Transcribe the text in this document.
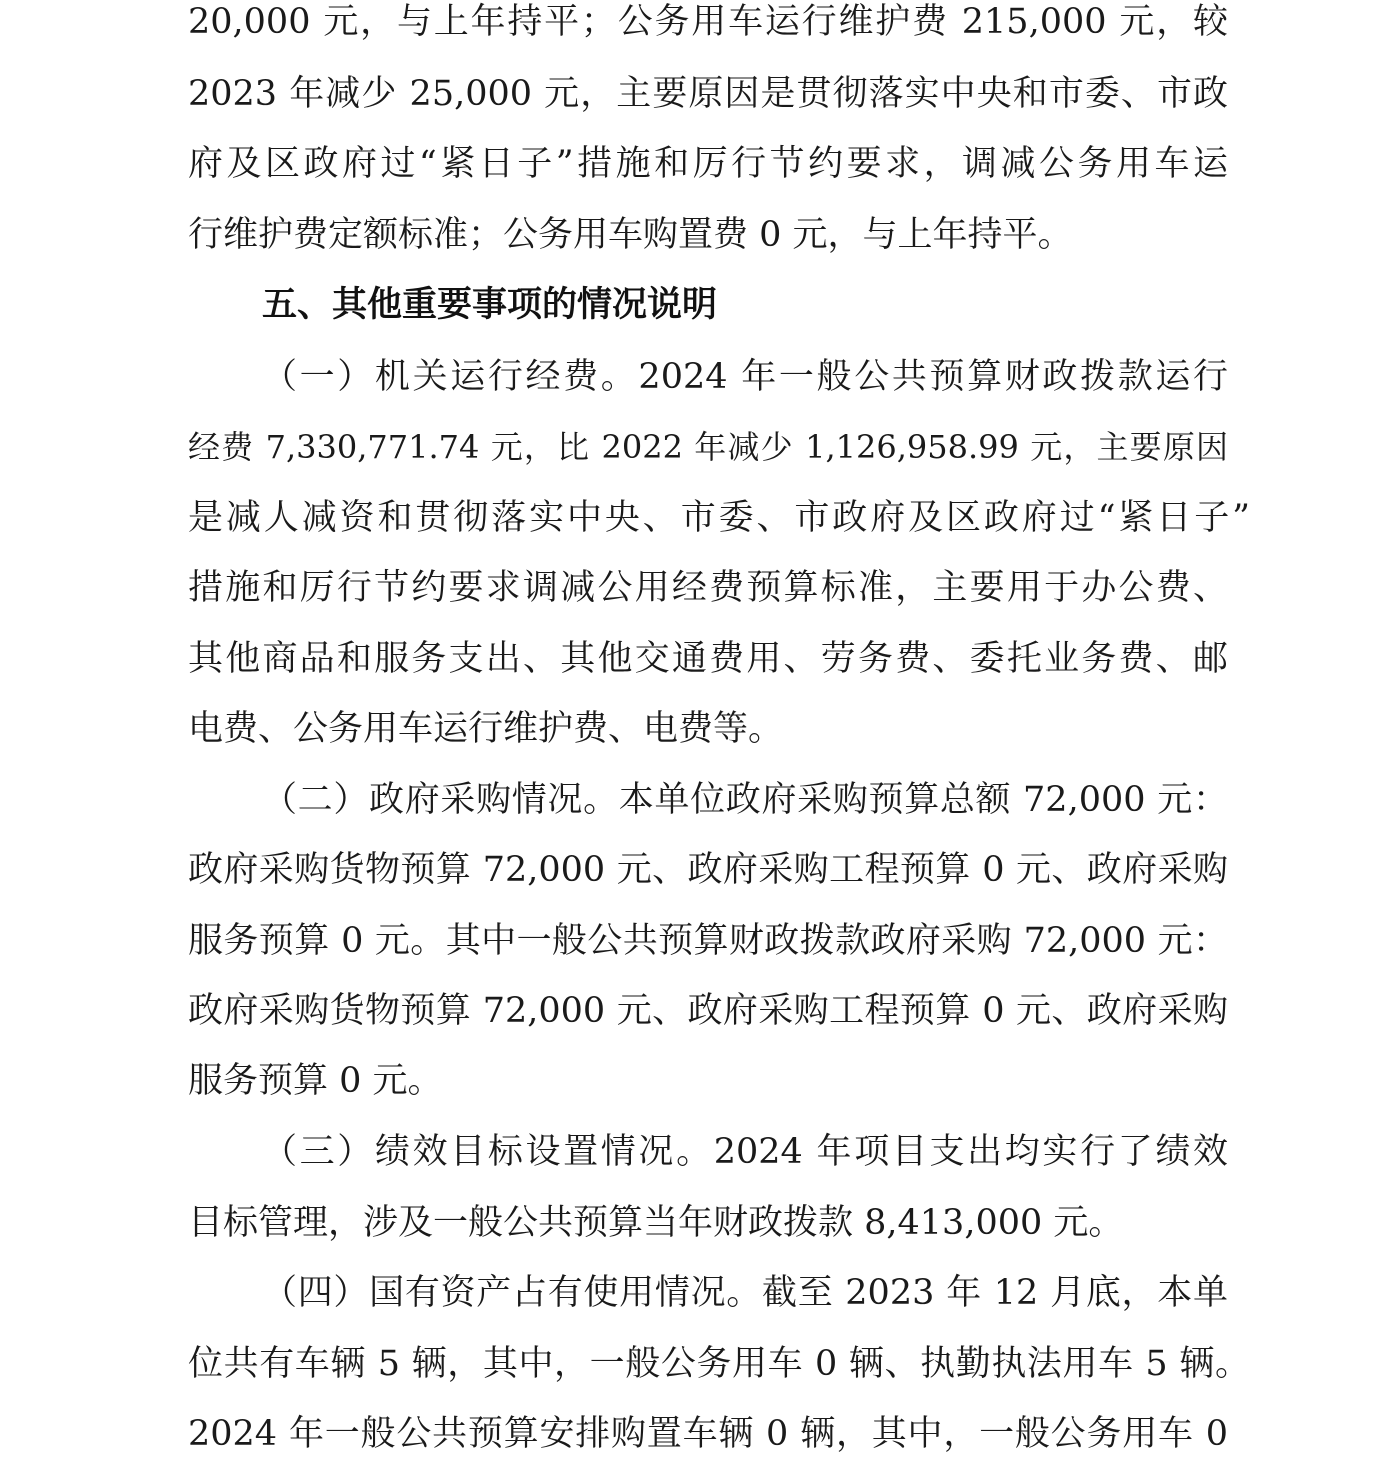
20,000 元，与上年持平；公务用车运行维护费 215,000 元，较
2023 年减少 25,000 元，主要原因是贯彻落实中央和市委、市政
府及区政府过“紧日子”措施和厉行节约要求，调减公务用车运
行维护费定额标准；公务用车购置费 0 元，与上年持平。
五、其他重要事项的情况说明
（一）机关运行经费。2024 年一般公共预算财政拨款运行
经费 7,330,771.74 元，比 2022 年减少 1,126,958.99 元，主要原因
是减人减资和贯彻落实中央、市委、市政府及区政府过“紧日子”
措施和厉行节约要求调减公用经费预算标准，主要用于办公费、
其他商品和服务支出、其他交通费用、劳务费、委托业务费、邮
电费、公务用车运行维护费、电费等。
（二）政府采购情况。本单位政府采购预算总额 72,000 元：
政府采购货物预算 72,000 元、政府采购工程预算 0 元、政府采购
服务预算 0 元。其中一般公共预算财政拨款政府采购 72,000 元：
政府采购货物预算 72,000 元、政府采购工程预算 0 元、政府采购
服务预算 0 元。
（三）绩效目标设置情况。2024 年项目支出均实行了绩效
目标管理，涉及一般公共预算当年财政拨款 8,413,000 元。
（四）国有资产占有使用情况。截至 2023 年 12 月底，本单
位共有车辆 5 辆，其中，一般公务用车 0 辆、执勤执法用车 5 辆。
2024 年一般公共预算安排购置车辆 0 辆，其中，一般公务用车 0
